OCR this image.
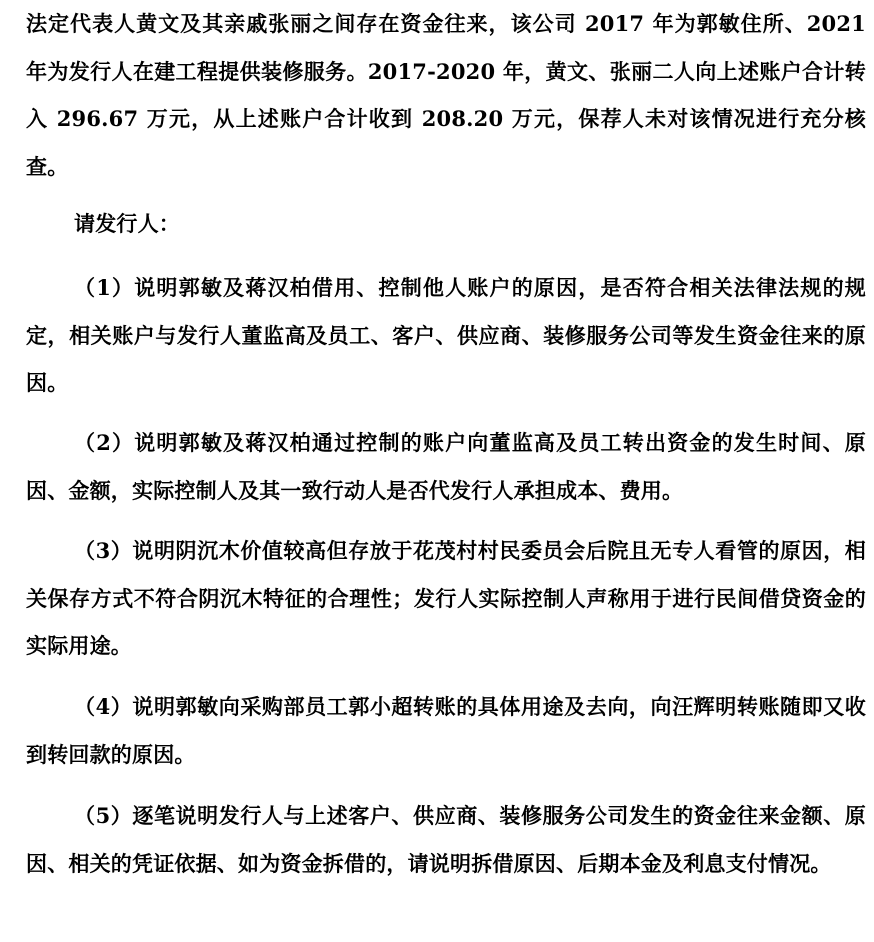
法定代表人黄文及其亲戚张丽之间存在资金往来，该公司 2017 年为郭敏住所、2021 年为发行人在建工程提供装修服务。2017-2020 年，黄文、张丽二人向上述账户合计转入 296.67 万元，从上述账户合计收到 208.20 万元，保荐人未对该情况进行充分核查。

请发行人：

（1）说明郭敏及蒋汉柏借用、控制他人账户的原因，是否符合相关法律法规的规定，相关账户与发行人董监高及员工、客户、供应商、装修服务公司等发生资金往来的原因。

（2）说明郭敏及蒋汉柏通过控制的账户向董监高及员工转出资金的发生时间、原因、金额，实际控制人及其一致行动人是否代发行人承担成本、费用。

（3）说明阴沉木价值较高但存放于花茂村村民委员会后院且无专人看管的原因，相关保存方式不符合阴沉木特征的合理性；发行人实际控制人声称用于进行民间借贷资金的实际用途。

（4）说明郭敏向采购部员工郭小超转账的具体用途及去向，向汪辉明转账随即又收到转回款的原因。

（5）逐笔说明发行人与上述客户、供应商、装修服务公司发生的资金往来金额、原因、相关的凭证依据、如为资金拆借的，请说明拆借原因、后期本金及利息支付情况。
